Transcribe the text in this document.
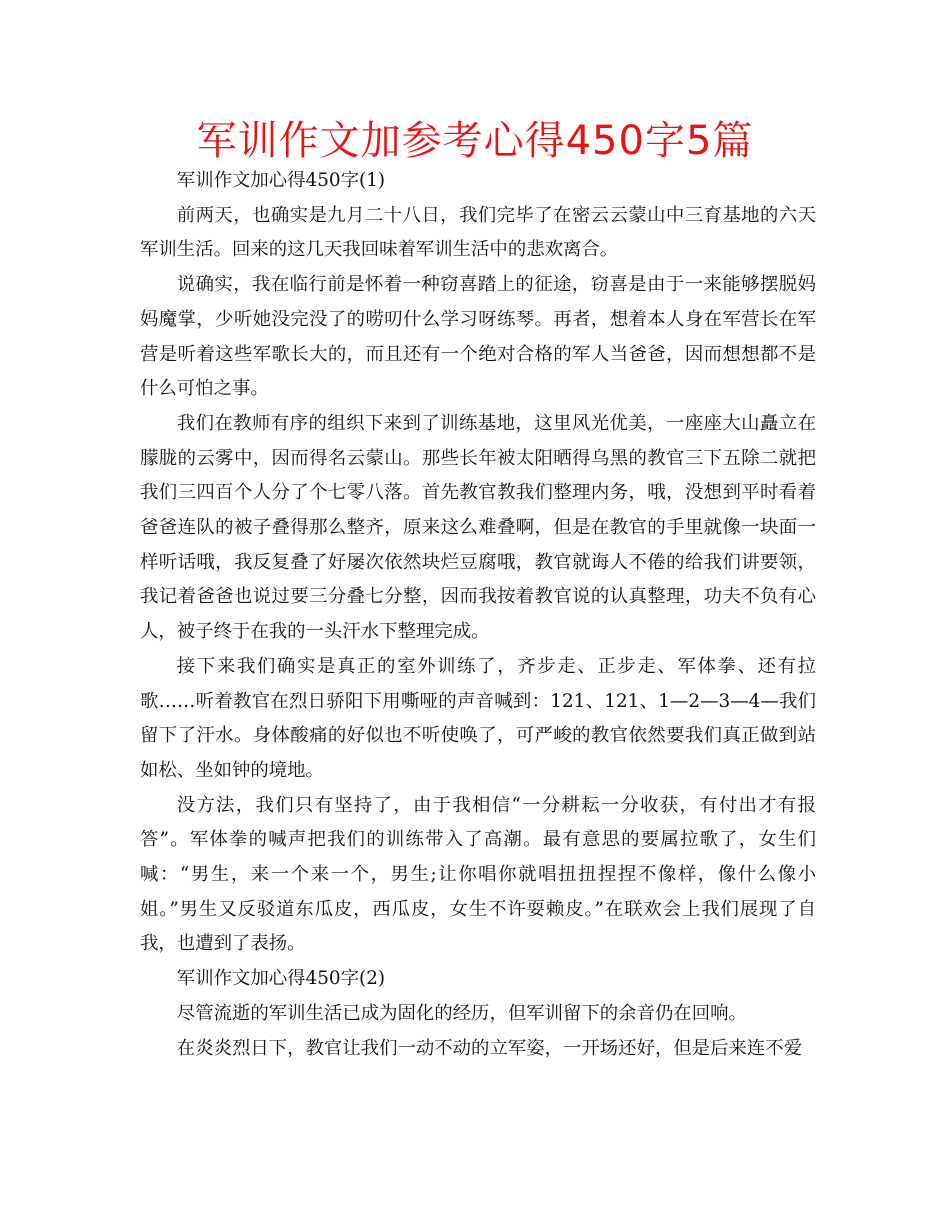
军训作文加参考心得450字5篇

军训作文加心得450字(1)

前两天，也确实是九月二十八日，我们完毕了在密云云蒙山中三育基地的六天军训生活。回来的这几天我回味着军训生活中的悲欢离合。

说确实，我在临行前是怀着一种窃喜踏上的征途，窃喜是由于一来能够摆脱妈妈魔掌，少听她没完没了的唠叨什么学习呀练琴。再者，想着本人身在军营长在军营是听着这些军歌长大的，而且还有一个绝对合格的军人当爸爸，因而想想都不是什么可怕之事。

我们在教师有序的组织下来到了训练基地，这里风光优美，一座座大山矗立在朦胧的云雾中，因而得名云蒙山。那些长年被太阳晒得乌黑的教官三下五除二就把我们三四百个人分了个七零八落。首先教官教我们整理内务，哦，没想到平时看着爸爸连队的被子叠得那么整齐，原来这么难叠啊，但是在教官的手里就像一块面一样听话哦，我反复叠了好屡次依然块烂豆腐哦，教官就诲人不倦的给我们讲要领，我记着爸爸也说过要三分叠七分整，因而我按着教官说的认真整理，功夫不负有心人，被子终于在我的一头汗水下整理完成。

接下来我们确实是真正的室外训练了，齐步走、正步走、军体拳、还有拉歌……听着教官在烈日骄阳下用嘶哑的声音喊到：121、121、1—2—3—4—我们留下了汗水。身体酸痛的好似也不听使唤了，可严峻的教官依然要我们真正做到站如松、坐如钟的境地。

没方法，我们只有坚持了，由于我相信“一分耕耘一分收获，有付出才有报答”。军体拳的喊声把我们的训练带入了高潮。最有意思的要属拉歌了，女生们喊：“男生，来一个来一个，男生;让你唱你就唱扭扭捏捏不像样，像什么像小姐。”男生又反驳道东瓜皮，西瓜皮，女生不许耍赖皮。”在联欢会上我们展现了自我，也遭到了表扬。

军训作文加心得450字(2)

尽管流逝的军训生活已成为固化的经历，但军训留下的余音仍在回响。

在炎炎烈日下，教官让我们一动不动的立军姿，一开场还好，但是后来连不爱
